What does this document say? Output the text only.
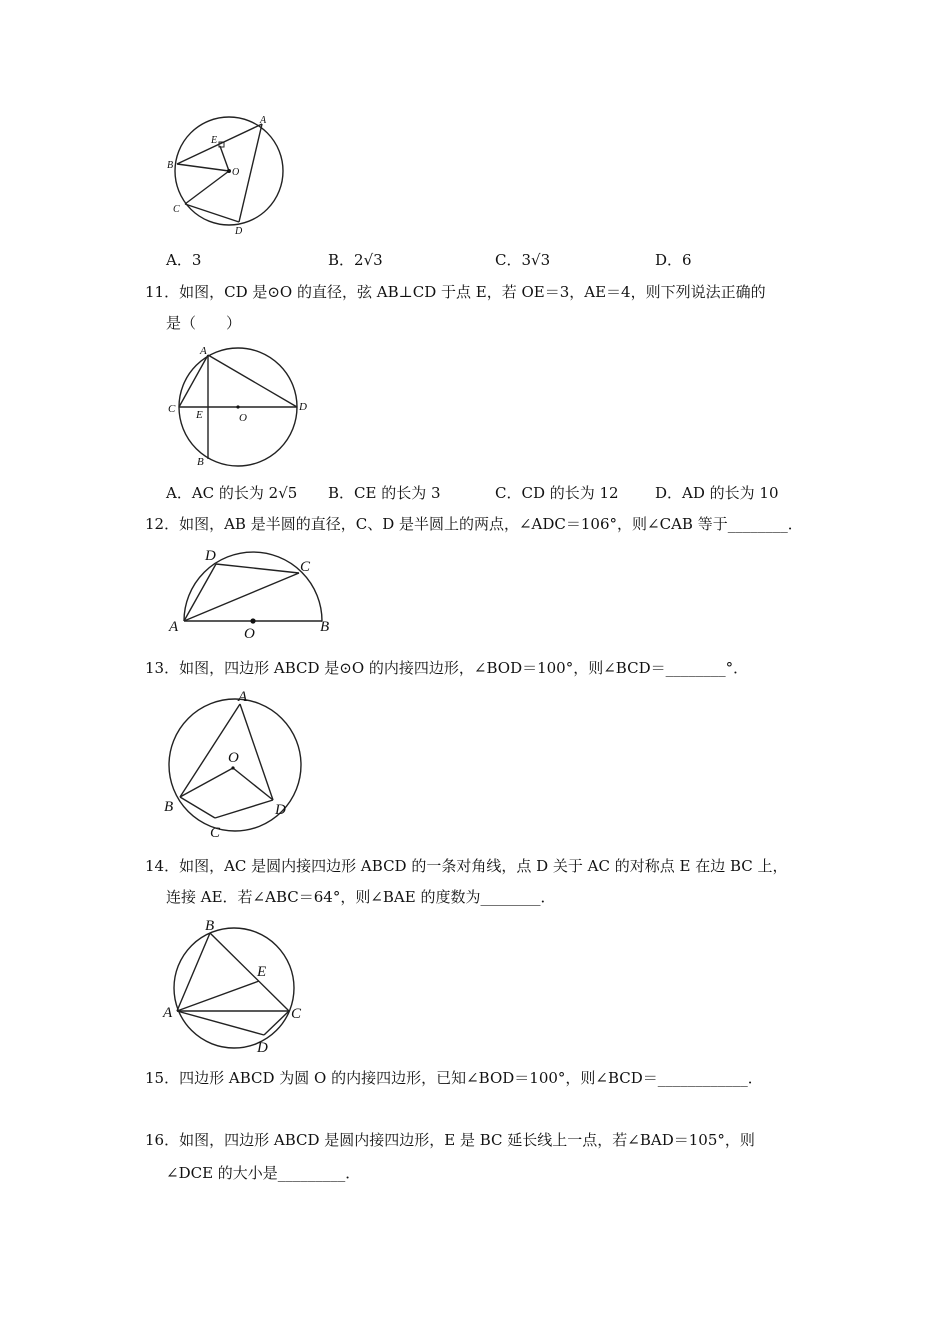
A
B
C
D
E
O
A．3	B．2√3	C．3√3	D．6
11．如图，CD 是⊙O 的直径，弦 AB⊥CD 于点 E，若 OE＝3，AE＝4，则下列说法正确的
是（　　）
A
B
C	D
E	O
A．AC 的长为 2√5 B．CE 的长为 3	C．CD 的长为 12 D．AD 的长为 10
12．如图，AB 是半圆的直径，C、D 是半圆上的两点，∠ADC＝106°，则∠CAB 等于________．
A	B
C
D
O
13．如图，四边形 ABCD 是⊙O 的内接四边形，∠BOD＝100°，则∠BCD＝________°．
A
B
C
D
O
14．如图，AC 是圆内接四边形 ABCD 的一条对角线，点 D 关于 AC 的对称点 E 在边 BC 上，
连接 AE．若∠ABC＝64°，则∠BAE 的度数为________．
A
B
C
D
E
15．四边形 ABCD 为圆 O 的内接四边形，已知∠BOD＝100°，则∠BCD＝____________．
16．如图，四边形 ABCD 是圆内接四边形，E 是 BC 延长线上一点，若∠BAD＝105°，则
∠DCE 的大小是_________．
